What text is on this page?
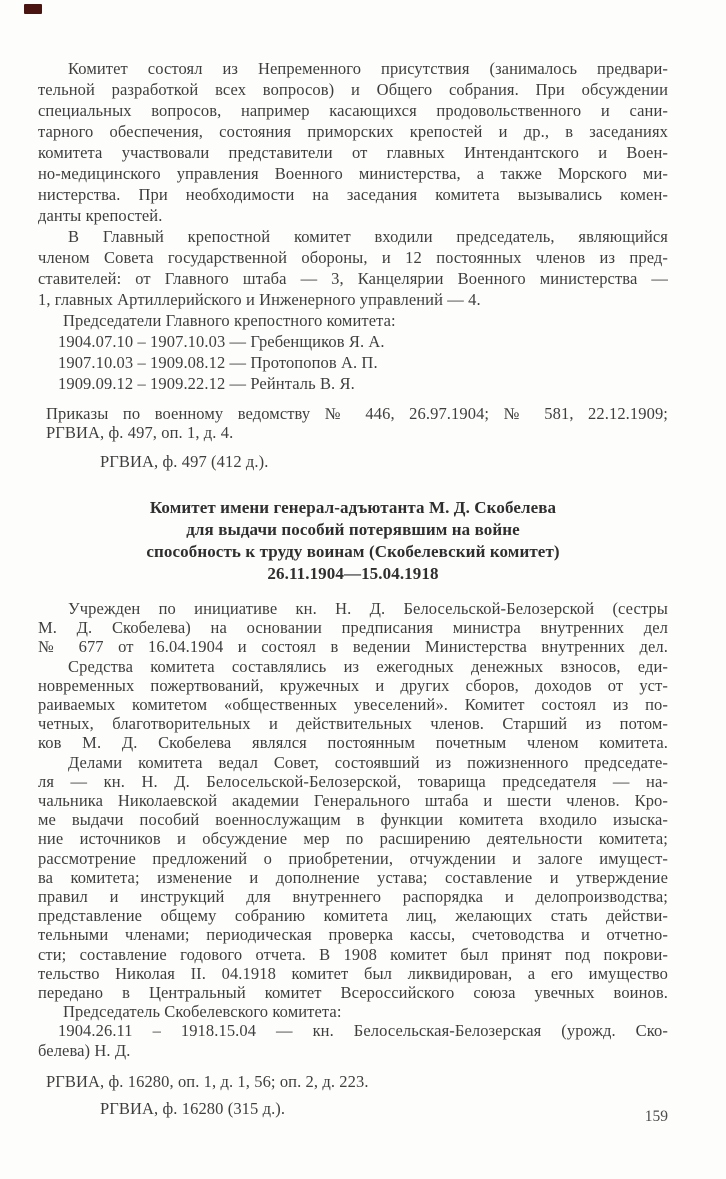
Комитет состоял из Непременного присутствия (занималось предвари-
тельной разработкой всех вопросов) и Общего собрания. При обсуждении
специальных вопросов, например касающихся продовольственного и сани-
тарного обеспечения, состояния приморских крепостей и др., в заседаниях
комитета участвовали представители от главных Интендантского и Воен-
но-медицинского управления Военного министерства, а также Морского ми-
нистерства. При необходимости на заседания комитета вызывались комен-
данты крепостей.
В Главный крепостной комитет входили председатель, являющийся
членом Совета государственной обороны, и 12 постоянных членов из пред-
ставителей: от Главного штаба — 3, Канцелярии Военного министерства —
1, главных Артиллерийского и Инженерного управлений — 4.
Председатели Главного крепостного комитета:
1904.07.10 – 1907.10.03 — Гребенщиков Я. А.
1907.10.03 – 1909.08.12 — Протопопов А. П.
1909.09.12 – 1909.22.12 — Рейнталь В. Я.
Приказы по военному ведомству № 446, 26.97.1904; № 581, 22.12.1909;
РГВИА, ф. 497, оп. 1, д. 4.
РГВИА, ф. 497 (412 д.).
Комитет имени генерал-адъютанта М. Д. Скобелева
для выдачи пособий потерявшим на войне
способность к труду воинам (Скобелевский комитет)
26.11.1904—15.04.1918
Учрежден по инициативе кн. Н. Д. Белосельской-Белозерской (сестры
М. Д. Скобелева) на основании предписания министра внутренних дел
№ 677 от 16.04.1904 и состоял в ведении Министерства внутренних дел.
Средства комитета составлялись из ежегодных денежных взносов, еди-
новременных пожертвований, кружечных и других сборов, доходов от уст-
раиваемых комитетом «общественных увеселений». Комитет состоял из по-
четных, благотворительных и действительных членов. Старший из потом-
ков М. Д. Скобелева являлся постоянным почетным членом комитета.
Делами комитета ведал Совет, состоявший из пожизненного председате-
ля — кн. Н. Д. Белосельской-Белозерской, товарища председателя — на-
чальника Николаевской академии Генерального штаба и шести членов. Кро-
ме выдачи пособий военнослужащим в функции комитета входило изыска-
ние источников и обсуждение мер по расширению деятельности комитета;
рассмотрение предложений о приобретении, отчуждении и залоге имущест-
ва комитета; изменение и дополнение устава; составление и утверждение
правил и инструкций для внутреннего распорядка и делопроизводства;
представление общему собранию комитета лиц, желающих стать действи-
тельными членами; периодическая проверка кассы, счетоводства и отчетно-
сти; составление годового отчета. В 1908 комитет был принят под покрови-
тельство Николая II. 04.1918 комитет был ликвидирован, а его имущество
передано в Центральный комитет Всероссийского союза увечных воинов.
Председатель Скобелевского комитета:
1904.26.11 – 1918.15.04 — кн. Белосельская-Белозерская (урожд. Ско-
белева) Н. Д.
РГВИА, ф. 16280, оп. 1, д. 1, 56; оп. 2, д. 223.
РГВИА, ф. 16280 (315 д.).	159
